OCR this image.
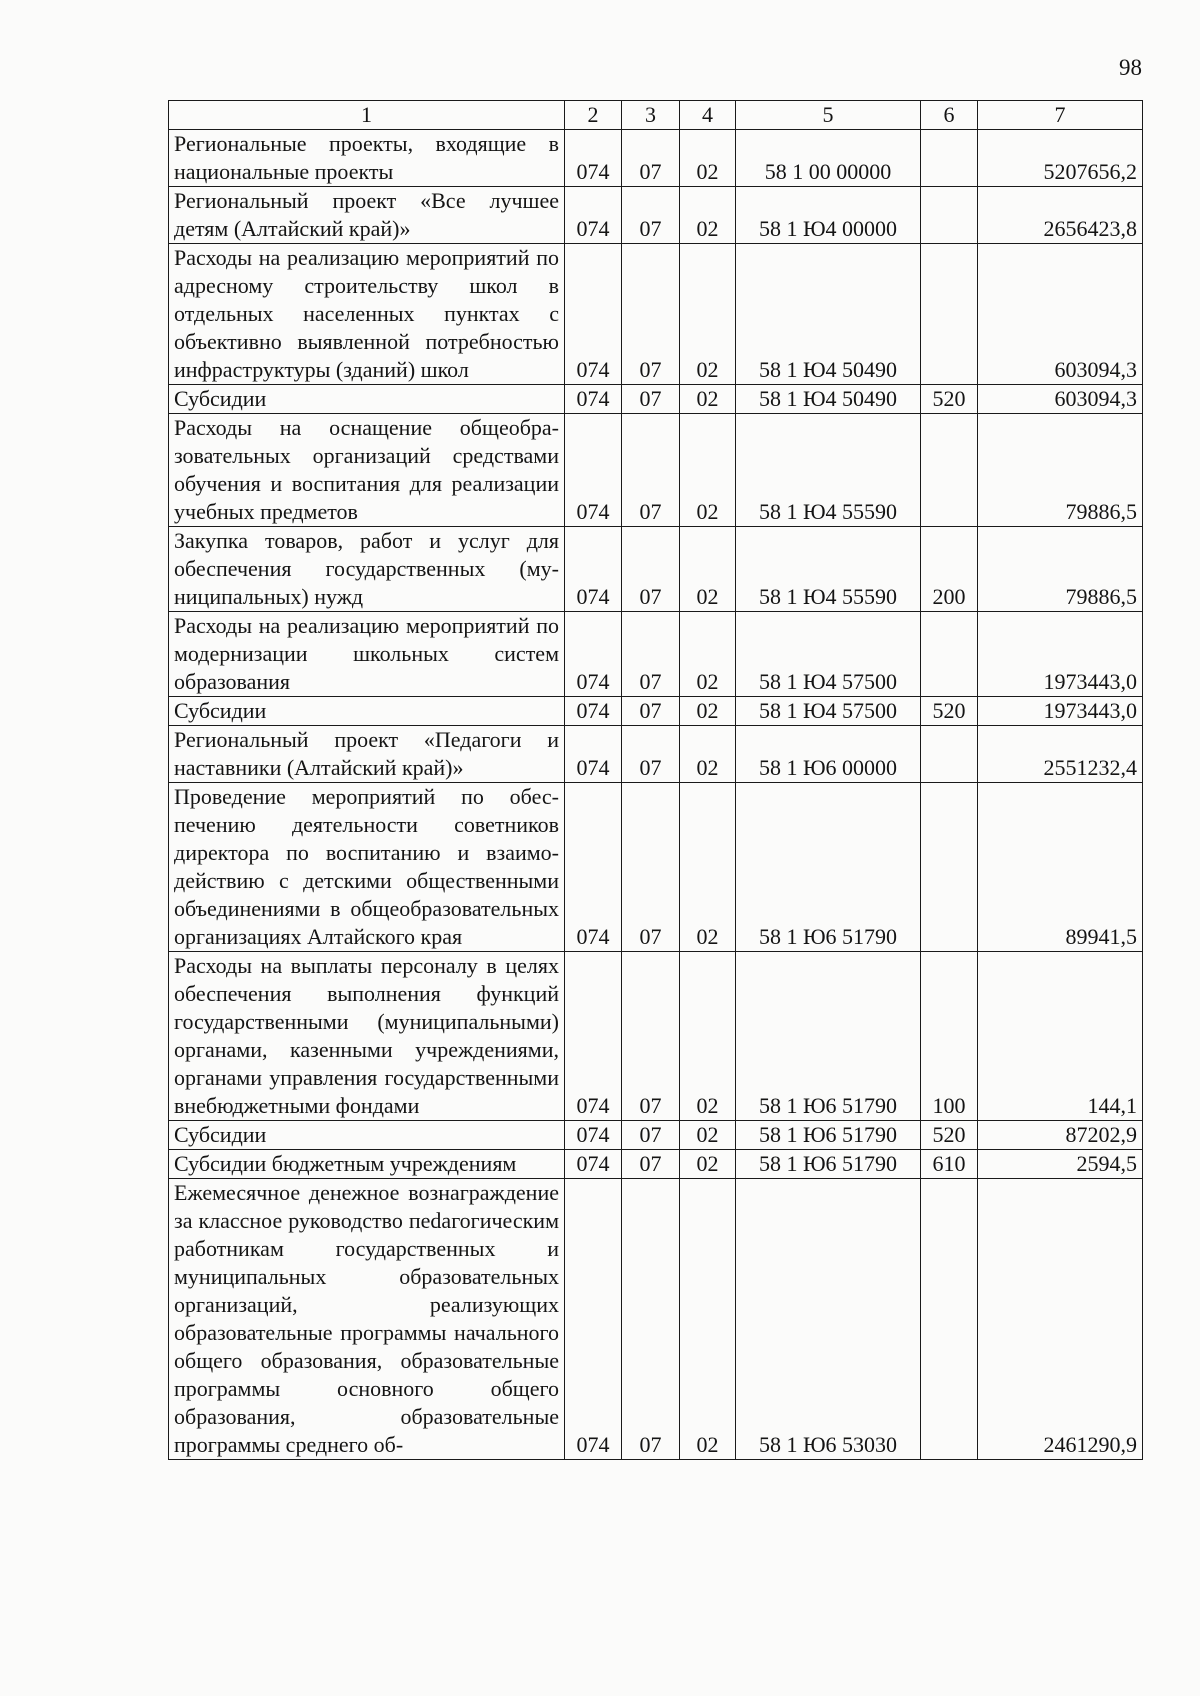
98
1	2	3	4	5	6	7
Региональные проекты, входящие в национальные проекты	074	07	02	58 1 00 00000		5207656,2
Региональный проект «Все лучшее детям (Алтайский край)»	074	07	02	58 1 Ю4 00000		2656423,8
Расходы на реализацию мероприятий по адресному строительству школ в отдельных населенных пунктах с объективно выявленной потребностью инфраструктуры (зданий) школ	074	07	02	58 1 Ю4 50490		603094,3
Субсидии	074	07	02	58 1 Ю4 50490	520	603094,3
Расходы на оснащение общеобразовательных организаций средствами обучения и воспитания для реализации учебных предметов	074	07	02	58 1 Ю4 55590		79886,5
Закупка товаров, работ и услуг для обеспечения государственных (муниципальных) нужд	074	07	02	58 1 Ю4 55590	200	79886,5
Расходы на реализацию мероприятий по модернизации школьных систем образования	074	07	02	58 1 Ю4 57500		1973443,0
Субсидии	074	07	02	58 1 Ю4 57500	520	1973443,0
Региональный проект «Педагоги и наставники (Алтайский край)»	074	07	02	58 1 Ю6 00000		2551232,4
Проведение мероприятий по обеспечению деятельности советников директора по воспитанию и взаимодействию с детскими общественными объединениями в общеобразовательных организациях Алтайского края	074	07	02	58 1 Ю6 51790		89941,5
Расходы на выплаты персоналу в целях обеспечения выполнения функций государственными (муниципальными) органами, казенными учреждениями, органами управления государственными внебюджетными фондами	074	07	02	58 1 Ю6 51790	100	144,1
Субсидии	074	07	02	58 1 Ю6 51790	520	87202,9
Субсидии бюджетным учреждениям	074	07	02	58 1 Ю6 51790	610	2594,5
Ежемесячное денежное вознаграждение за классное руководство пеdагогическим работникам государственных и муниципальных образовательных организаций, реализующих образовательные программы начального общего образования, образовательные программы основного общего образования, образовательные программы среднего об-	074	07	02	58 1 Ю6 53030		2461290,9
